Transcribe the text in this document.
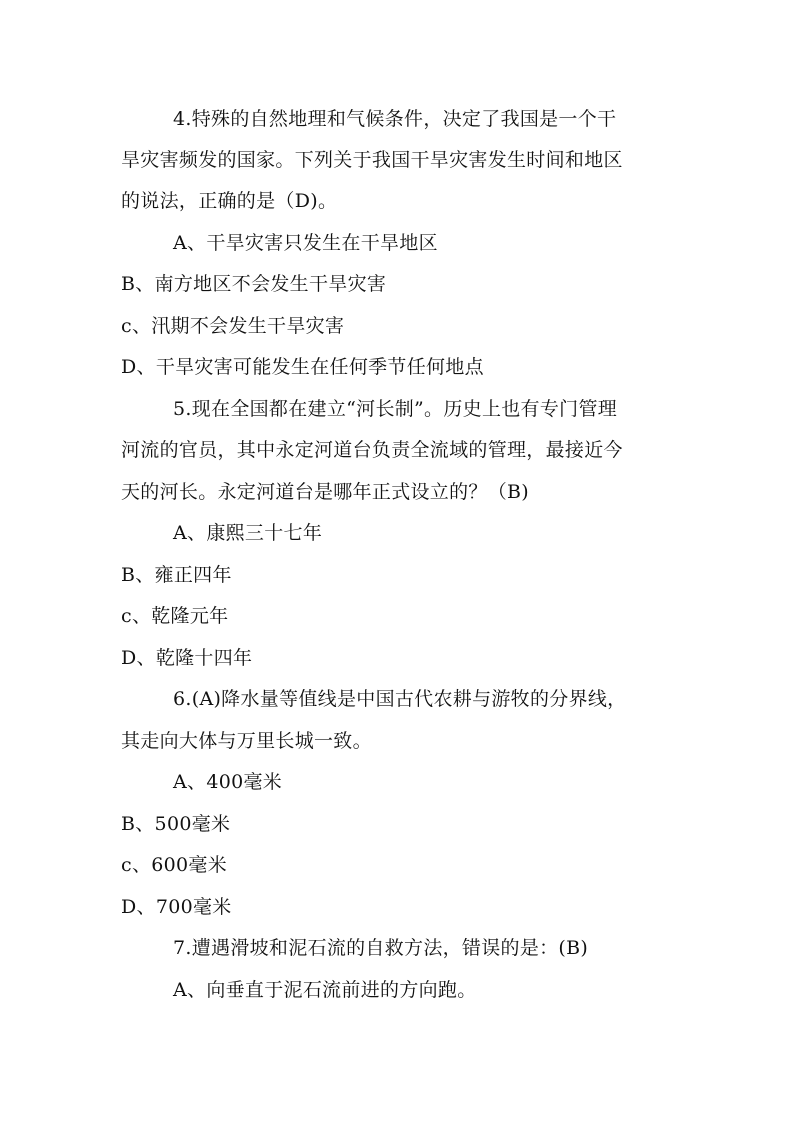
4.特殊的自然地理和气候条件，决定了我国是一个干
旱灾害频发的国家。下列关于我国干旱灾害发生时间和地区
的说法，正确的是（D)。
A、干旱灾害只发生在干旱地区
B、南方地区不会发生干旱灾害
c、汛期不会发生干旱灾害
D、干旱灾害可能发生在任何季节任何地点
5.现在全国都在建立“河长制”。历史上也有专门管理
河流的官员，其中永定河道台负责全流域的管理，最接近今
天的河长。永定河道台是哪年正式设立的？（B)
A、康熙三十七年
B、雍正四年
c、乾隆元年
D、乾隆十四年
6.(A)降水量等值线是中国古代农耕与游牧的分界线，
其走向大体与万里长城一致。
A、400毫米
B、500毫米
c、600毫米
D、700毫米
7.遭遇滑坡和泥石流的自救方法，错误的是：(B)
A、向垂直于泥石流前进的方向跑。
